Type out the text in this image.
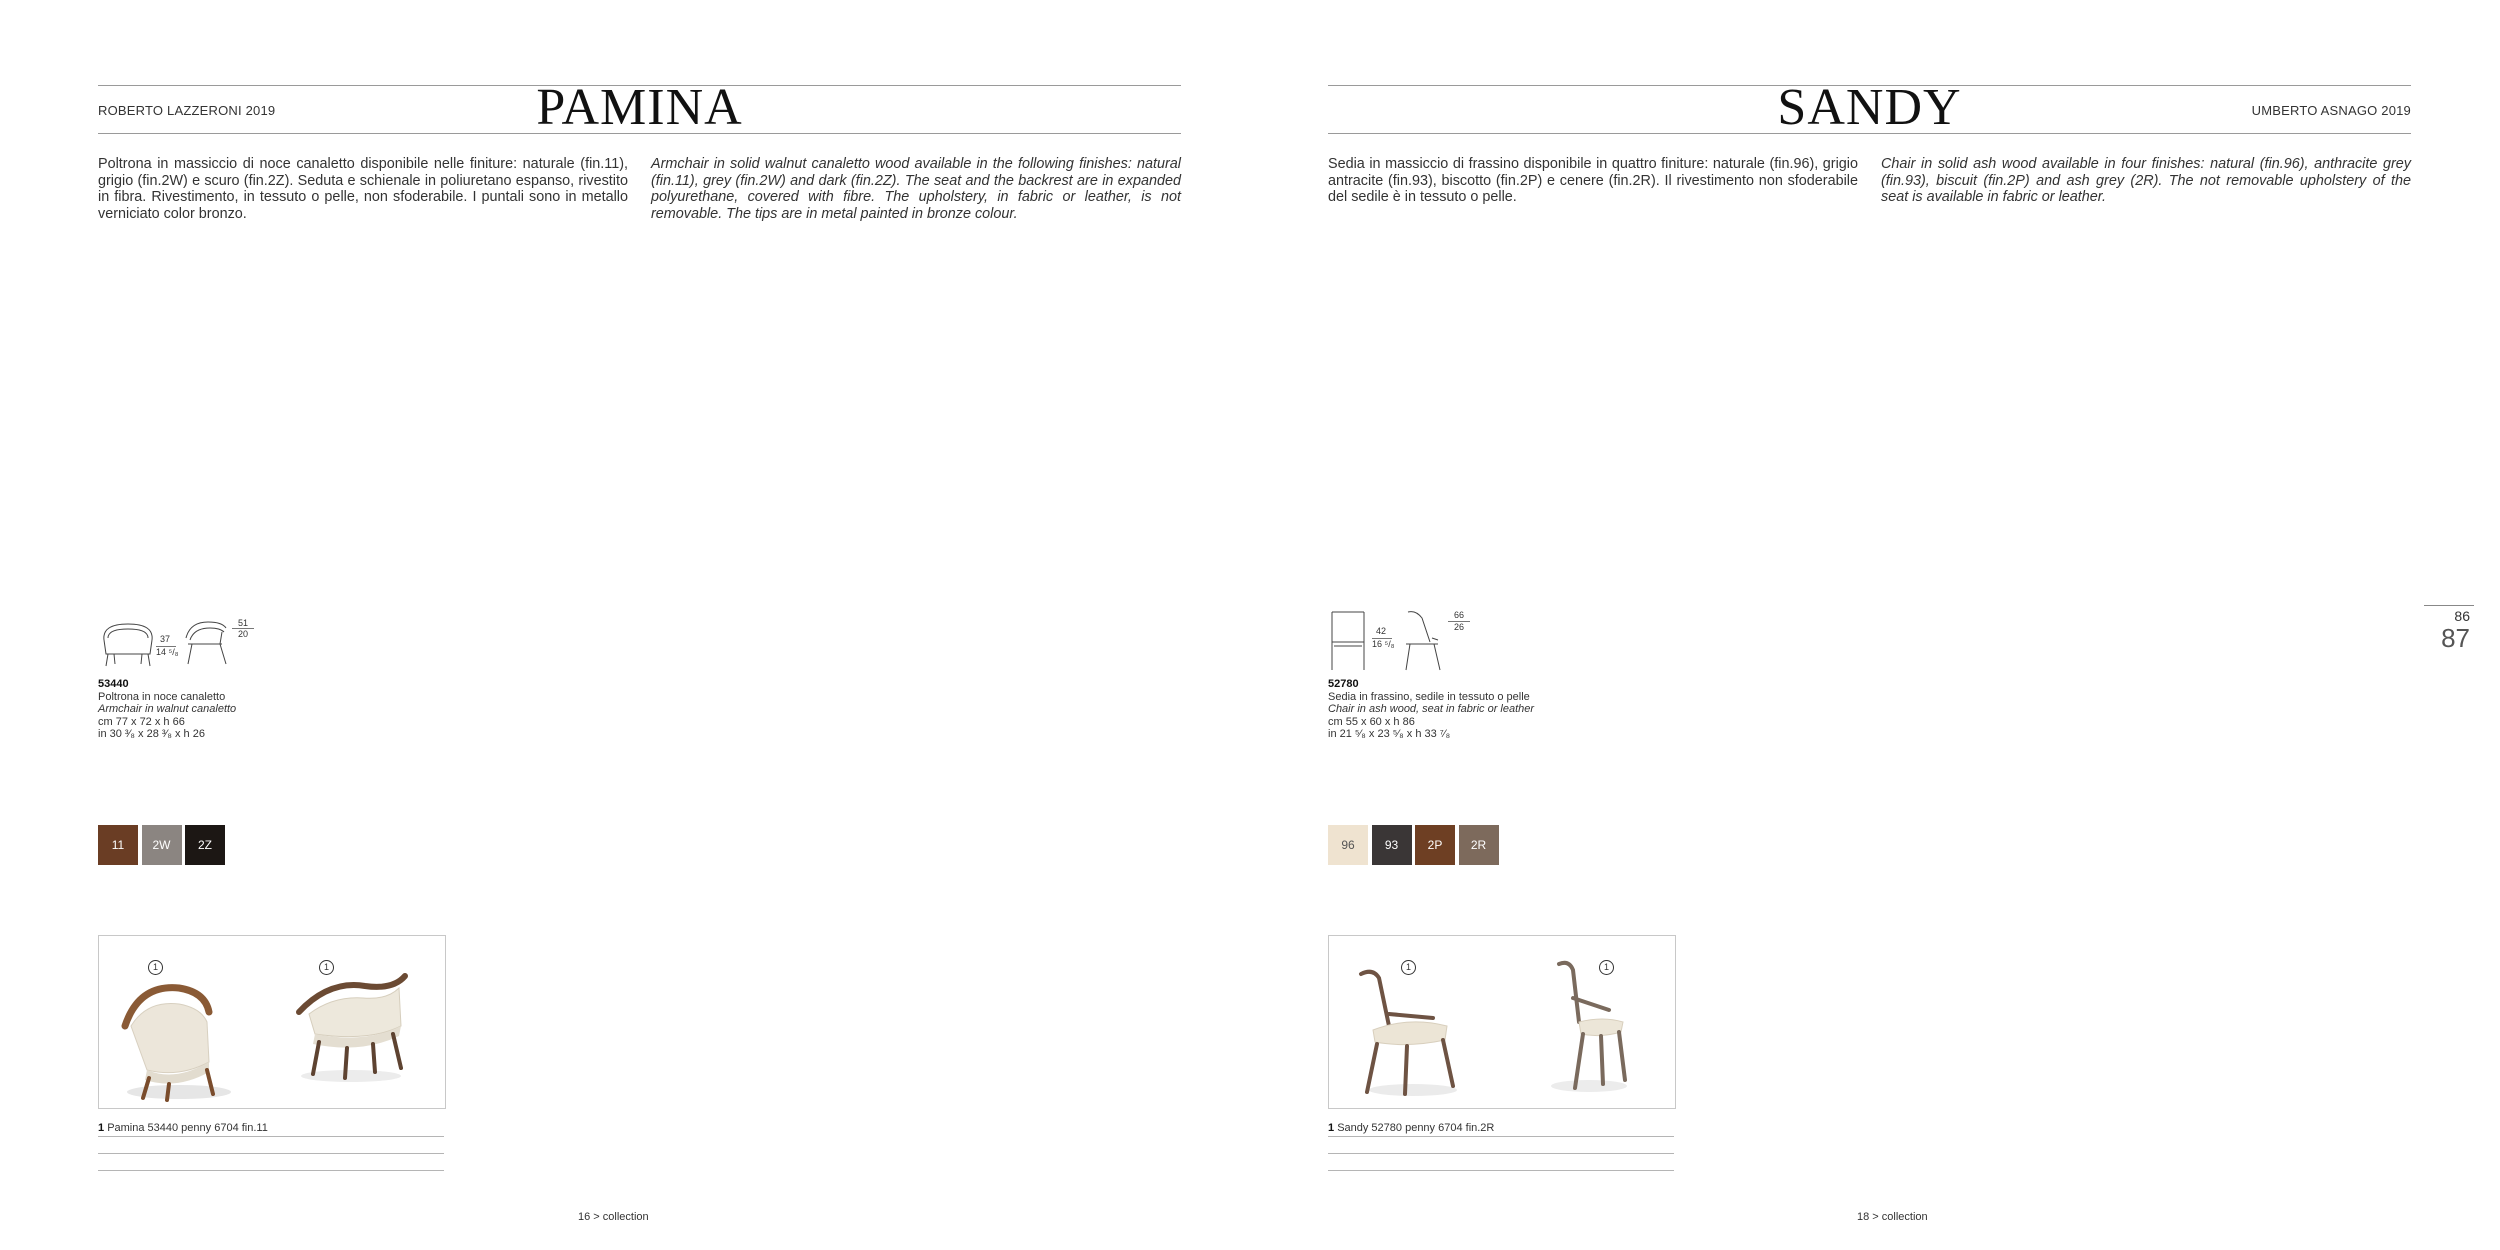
ROBERTO LAZZERONI 2019	PAMINA
Poltrona in massiccio di noce canaletto disponibile nelle finiture: naturale (fin.11), grigio (fin.2W) e scuro (fin.2Z). Seduta e schienale in poliuretano espanso, rivestito in fibra. Rivestimento, in tessuto o pelle, non sfoderabile. I puntali sono in metallo verniciato color bronzo.
Armchair in solid walnut canaletto wood available in the following finishes: natural (fin.11), grey (fin.2W) and dark (fin.2Z). The seat and the backrest are in expanded polyurethane, covered with fibre. The upholstery, in fabric or leather, is not removable. The tips are in metal painted in bronze colour.
37
14 ⁵/₈
51
20
53440
Poltrona in noce canaletto
Armchair in walnut canaletto
cm 77 x 72 x h 66
in 30 ³⁄₈ x 28 ³⁄₈ x h 26
11	2W	2Z
1	1
1 Pamina 53440 penny 6704 fin.11
16 > collection
UMBERTO ASNAGO 2019
SANDY
Sedia in massiccio di frassino disponibile in quattro finiture: naturale (fin.96), grigio antracite (fin.93), biscotto (fin.2P) e cenere (fin.2R). Il rivestimento non sfoderabile del sedile è in tessuto o pelle.
Chair in solid ash wood available in four finishes: natural (fin.96), anthracite grey (fin.93), biscuit (fin.2P) and ash grey (2R). The not removable upholstery of the seat is available in fabric or leather.
42
16 ⁵/₈
66
26
52780
Sedia in frassino, sedile in tessuto o pelle
Chair in ash wood, seat in fabric or leather
cm 55 x 60 x h 86
in 21 ⁵⁄₈ x 23 ⁵⁄₈ x h 33 ⁷⁄₈
96	93	2P	2R
1	1
1 Sandy 52780 penny 6704 fin.2R
18 > collection
86
87
